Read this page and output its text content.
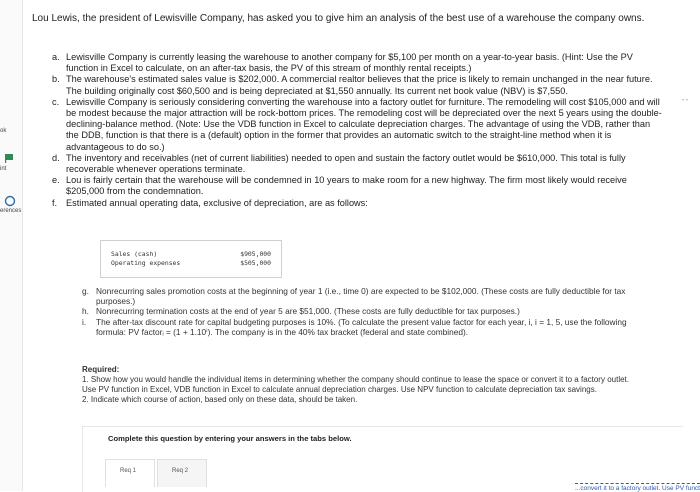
ok
int
erences
Lou Lewis, the president of Lewisville Company, has asked you to give him an analysis of the best use of a warehouse the company owns.
a. Lewisville Company is currently leasing the warehouse to another company for $5,100 per month on a year-to-year basis. (Hint: Use the PV function in Excel to calculate, on an after-tax basis, the PV of this stream of monthly rental receipts.)
b. The warehouse's estimated sales value is $202,000. A commercial realtor believes that the price is likely to remain unchanged in the near future. The building originally cost $60,500 and is being depreciated at $1,550 annually. Its current net book value (NBV) is $7,550.
c. Lewisville Company is seriously considering converting the warehouse into a factory outlet for furniture. The remodeling will cost $105,000 and will be modest because the major attraction will be rock-bottom prices. The remodeling cost will be depreciated over the next 5 years using the double-declining-balance method. (Note: Use the VDB function in Excel to calculate depreciation charges. The advantage of using the VDB, rather than the DDB, function is that there is a (default) option in the former that provides an automatic switch to the straight-line method when it is advantageous to do so.)
d. The inventory and receivables (net of current liabilities) needed to open and sustain the factory outlet would be $610,000. This total is fully recoverable whenever operations terminate.
e. Lou is fairly certain that the warehouse will be condemned in 10 years to make room for a new highway. The firm most likely would receive $205,000 from the condemnation.
f. Estimated annual operating data, exclusive of depreciation, are as follows:
• •
Sales (cash)	$905,000
Operating expenses	$505,000
g. Nonrecurring sales promotion costs at the beginning of year 1 (i.e., time 0) are expected to be $102,000. (These costs are fully deductible for tax purposes.)
h. Nonrecurring termination costs at the end of year 5 are $51,000. (These costs are fully deductible for tax purposes.)
i.	The after-tax discount rate for capital budgeting purposes is 10%. (To calculate the present value factor for each year, i, i = 1, 5, use the following formula: PV factorᵢ = (1 + 1.10ⁱ). The company is in the 40% tax bracket (federal and state combined).
Required:
1. Show how you would handle the individual items in determining whether the company should continue to lease the space or convert it to a factory outlet. Use PV function in Excel, VDB function in Excel to calculate annual depreciation charges. Use NPV function to calculate depreciation tax savings.
2. Indicate which course of action, based only on these data, should be taken.
Complete this question by entering your answers in the tabs below.
Req 1	Req 2
...convert it to a factory outlet. Use PV funct
